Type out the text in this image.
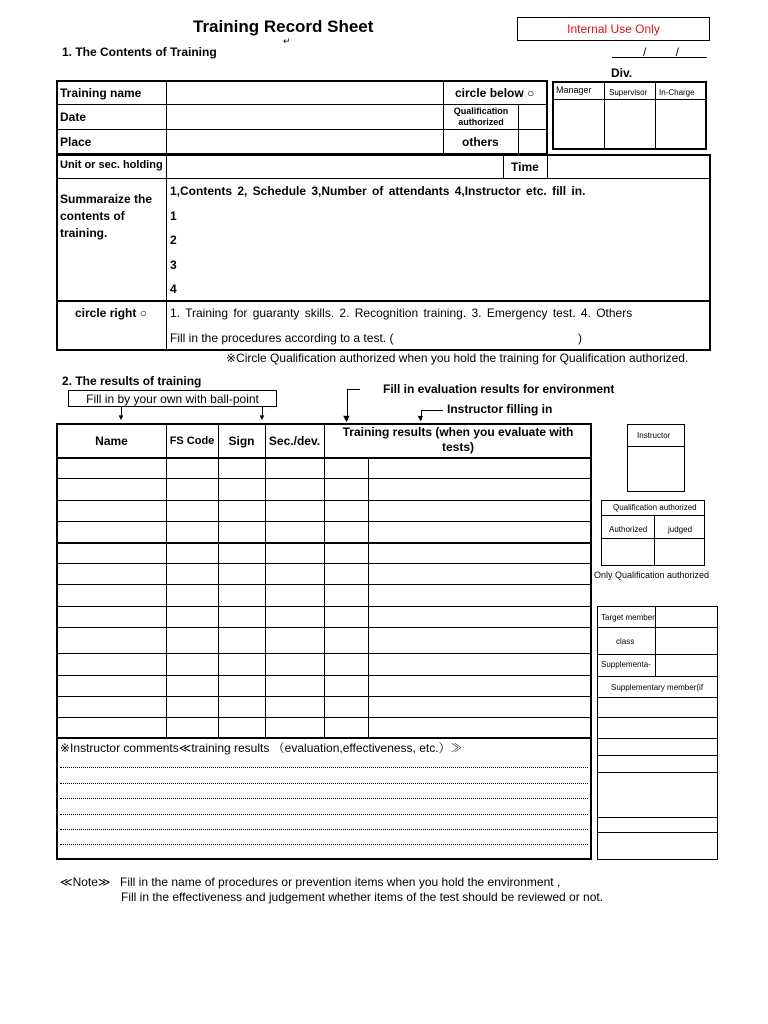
Training Record Sheet
↵
Internal Use Only
1. The Contents of Training	/ /
Div.
Training name	circle below ○
Date	Qualification authorized
Place	others
Manager Supervisor In-Charge
Unit or sec. holding	Time
Summaraize the contents of training.
1,Contents 2, Schedule 3,Number of attendants 4,Instructor etc. fill in.
1
2
3
4
circle right ○ 1. Training for guaranty skills. 2. Recognition training. 3. Emergency test. 4. Others
Fill in the procedures according to a test. (	)
※Circle Qualification authorized when you hold the training for Qualification authorized.
2. The results of training
Fill in by your own with ball-point
▼	▼
Fill in evaluation results for environment
▼
Instructor filling in
▼
Name	FS Code	Sign	Sec./dev.
Training results (when you evaluate with tests)
※Instructor comments≪training results （evaluation,effectiveness, etc.）≫
Instructor
Qualification authorized
Authorized	judged
Only Qualification authorized
Target member
class
Supplementa-
Supplementary member(if
≪Note≫ Fill in the name of procedures or prevention items when you hold the environment ,
Fill in the effectiveness and judgement whether items of the test should be reviewed or not.
